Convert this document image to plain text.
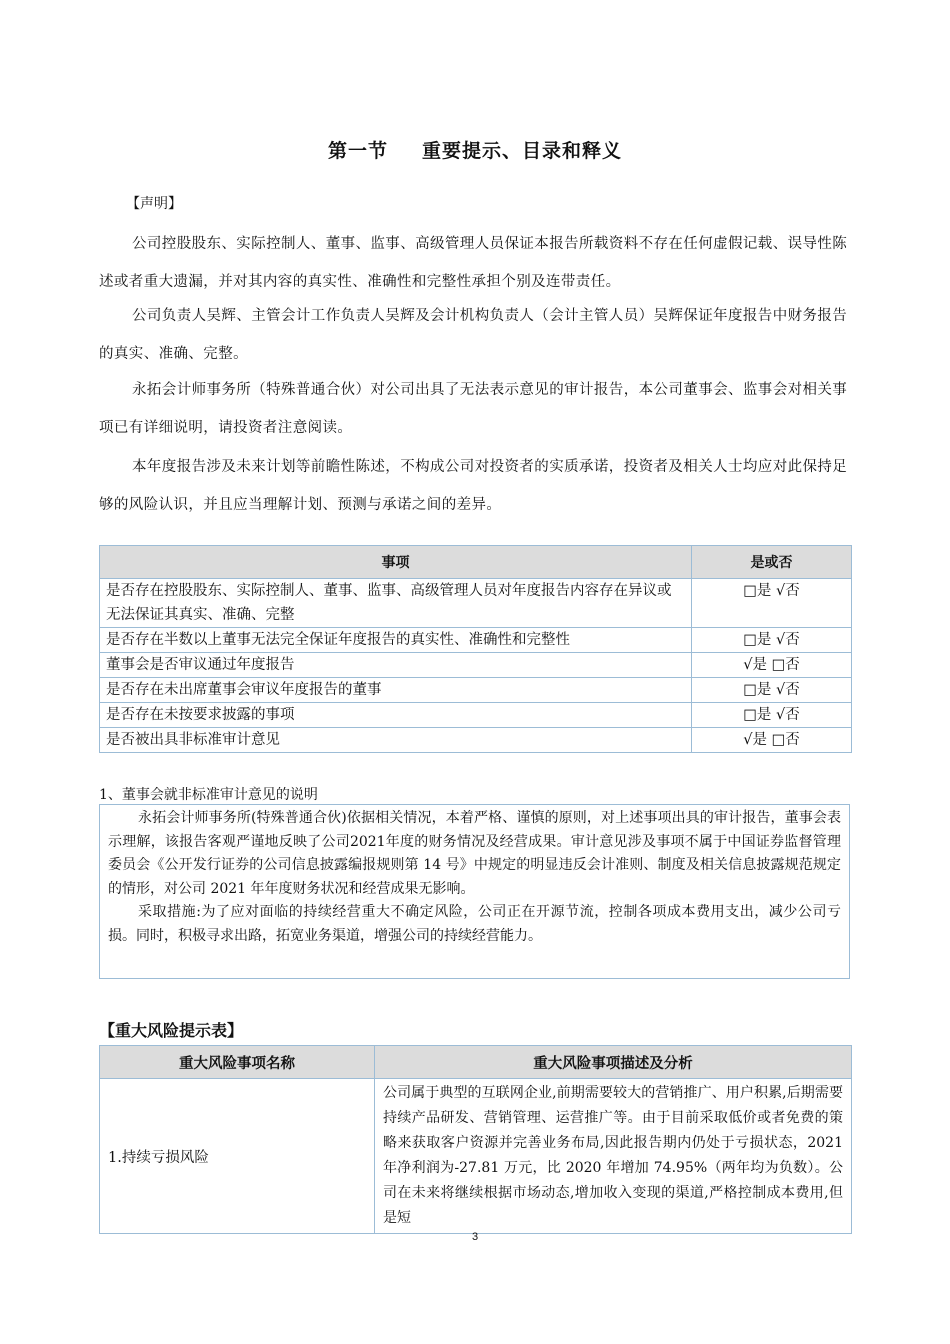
第一节 重要提示、目录和释义
【声明】

公司控股股东、实际控制人、董事、监事、高级管理人员保证本报告所载资料不存在任何虚假记载、误导性陈述或者重大遗漏，并对其内容的真实性、准确性和完整性承担个别及连带责任。

公司负责人吴辉、主管会计工作负责人吴辉及会计机构负责人（会计主管人员）吴辉保证年度报告中财务报告的真实、准确、完整。

永拓会计师事务所（特殊普通合伙）对公司出具了无法表示意见的审计报告，本公司董事会、监事会对相关事项已有详细说明，请投资者注意阅读。

本年度报告涉及未来计划等前瞻性陈述，不构成公司对投资者的实质承诺，投资者及相关人士均应对此保持足够的风险认识，并且应当理解计划、预测与承诺之间的差异。

事项	是或否
是否存在控股股东、实际控制人、董事、监事、高级管理人员对年度报告内容存在异议或无法保证其真实、准确、完整	□是 √否
是否存在半数以上董事无法完全保证年度报告的真实性、准确性和完整性	□是 √否
董事会是否审议通过年度报告	√是 □否
是否存在未出席董事会审议年度报告的董事	□是 √否
是否存在未按要求披露的事项	□是 √否
是否被出具非标准审计意见	√是 □否
1、董事会就非标准审计意见的说明

永拓会计师事务所(特殊普通合伙)依据相关情况，本着严格、谨慎的原则，对上述事项出具的审计报告，董事会表示理解，该报告客观严谨地反映了公司2021年度的财务情况及经营成果。审计意见涉及事项不属于中国证券监督管理委员会《公开发行证券的公司信息披露编报规则第 14 号》中规定的明显违反会计准则、制度及相关信息披露规范规定的情形，对公司 2021 年年度财务状况和经营成果无影响。

采取措施:为了应对面临的持续经营重大不确定风险，公司正在开源节流，控制各项成本费用支出，减少公司亏损。同时，积极寻求出路，拓宽业务渠道，增强公司的持续经营能力。

【重大风险提示表】
重大风险事项名称	重大风险事项描述及分析
1.持续亏损风险	公司属于典型的互联网企业,前期需要较大的营销推广、用户积累,后期需要持续产品研发、营销管理、运营推广等。由于目前采取低价或者免费的策略来获取客户资源并完善业务布局,因此报告期内仍处于亏损状态，2021 年净利润为-27.81 万元，比 2020 年增加 74.95%（两年均为负数）。公司在未来将继续根据市场动态,增加收入变现的渠道,严格控制成本费用,但是短
3
